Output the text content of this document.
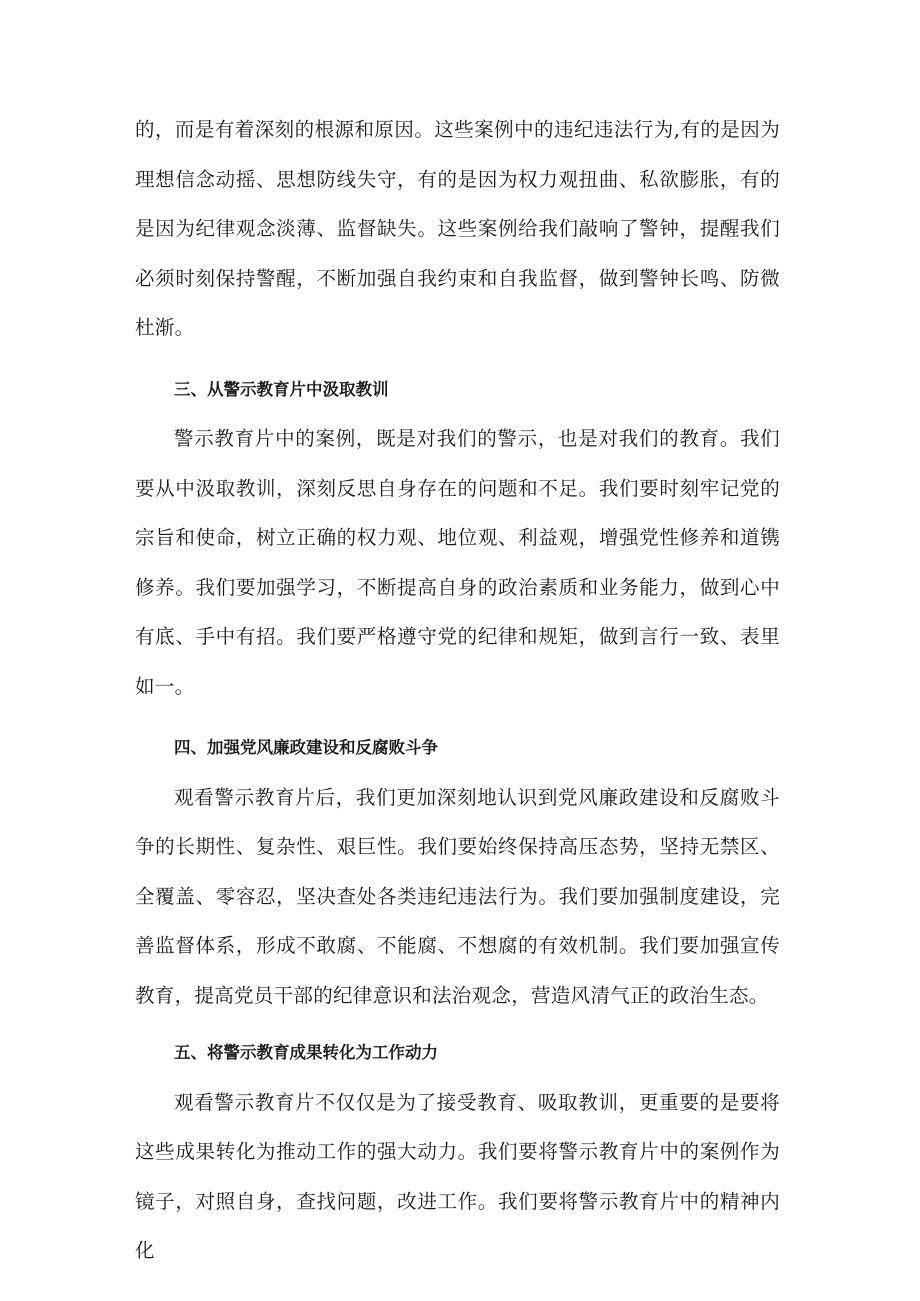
的，而是有着深刻的根源和原因。这些案例中的违纪违法行为,有的是因为理想信念动摇、思想防线失守，有的是因为权力观扭曲、私欲膨胀，有的是因为纪律观念淡薄、监督缺失。这些案例给我们敲响了警钟，提醒我们必须时刻保持警醒，不断加强自我约束和自我监督，做到警钟长鸣、防微杜渐。

三、从警示教育片中汲取教训

警示教育片中的案例，既是对我们的警示，也是对我们的教育。我们要从中汲取教训，深刻反思自身存在的问题和不足。我们要时刻牢记党的宗旨和使命，树立正确的权力观、地位观、利益观，增强党性修养和道镌修养。我们要加强学习，不断提高自身的政治素质和业务能力，做到心中有底、手中有招。我们要严格遵守党的纪律和规矩，做到言行一致、表里如一。

四、加强党风廉政建设和反腐败斗争

观看警示教育片后，我们更加深刻地认识到党风廉政建设和反腐败斗争的长期性、复杂性、艰巨性。我们要始终保持高压态势，坚持无禁区、全覆盖、零容忍，坚决查处各类违纪违法行为。我们要加强制度建设，完善监督体系，形成不敢腐、不能腐、不想腐的有效机制。我们要加强宣传教育，提高党员干部的纪律意识和法治观念，营造风清气正的政治生态。

五、将警示教育成果转化为工作动力

观看警示教育片不仅仅是为了接受教育、吸取教训，更重要的是要将这些成果转化为推动工作的强大动力。我们要将警示教育片中的案例作为镜子，对照自身，查找问题，改进工作。我们要将警示教育片中的精神内化
